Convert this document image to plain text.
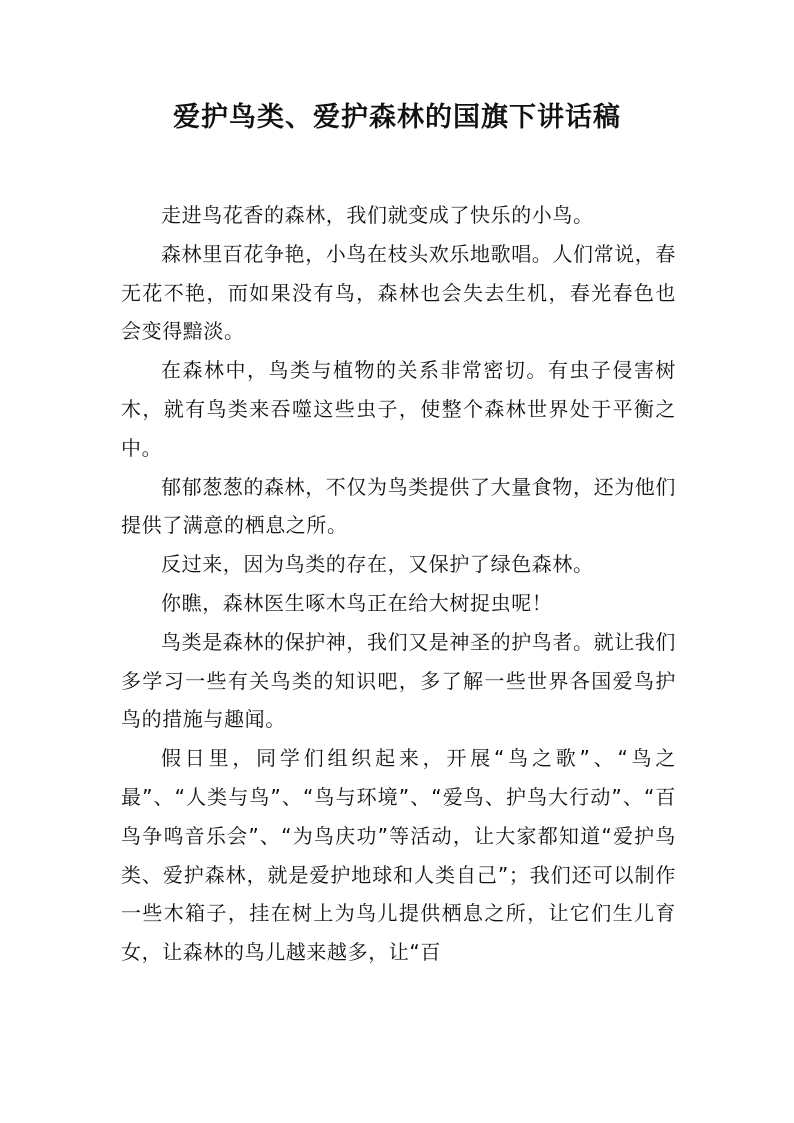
爱护鸟类、爱护森林的国旗下讲话稿

走进鸟花香的森林，我们就变成了快乐的小鸟。

森林里百花争艳，小鸟在枝头欢乐地歌唱。人们常说，春无花不艳，而如果没有鸟，森林也会失去生机，春光春色也会变得黯淡。

在森林中，鸟类与植物的关系非常密切。有虫子侵害树木，就有鸟类来吞噬这些虫子，使整个森林世界处于平衡之中。

郁郁葱葱的森林，不仅为鸟类提供了大量食物，还为他们提供了满意的栖息之所。

反过来，因为鸟类的存在，又保护了绿色森林。

你瞧，森林医生啄木鸟正在给大树捉虫呢！

鸟类是森林的保护神，我们又是神圣的护鸟者。就让我们多学习一些有关鸟类的知识吧，多了解一些世界各国爱鸟护鸟的措施与趣闻。

假日里，同学们组织起来，开展“鸟之歌”、“鸟之最”、“人类与鸟”、“鸟与环境”、“爱鸟、护鸟大行动”、“百鸟争鸣音乐会”、“为鸟庆功”等活动，让大家都知道“爱护鸟类、爱护森林，就是爱护地球和人类自己”；我们还可以制作一些木箱子，挂在树上为鸟儿提供栖息之所，让它们生儿育女，让森林的鸟儿越来越多，让“百
